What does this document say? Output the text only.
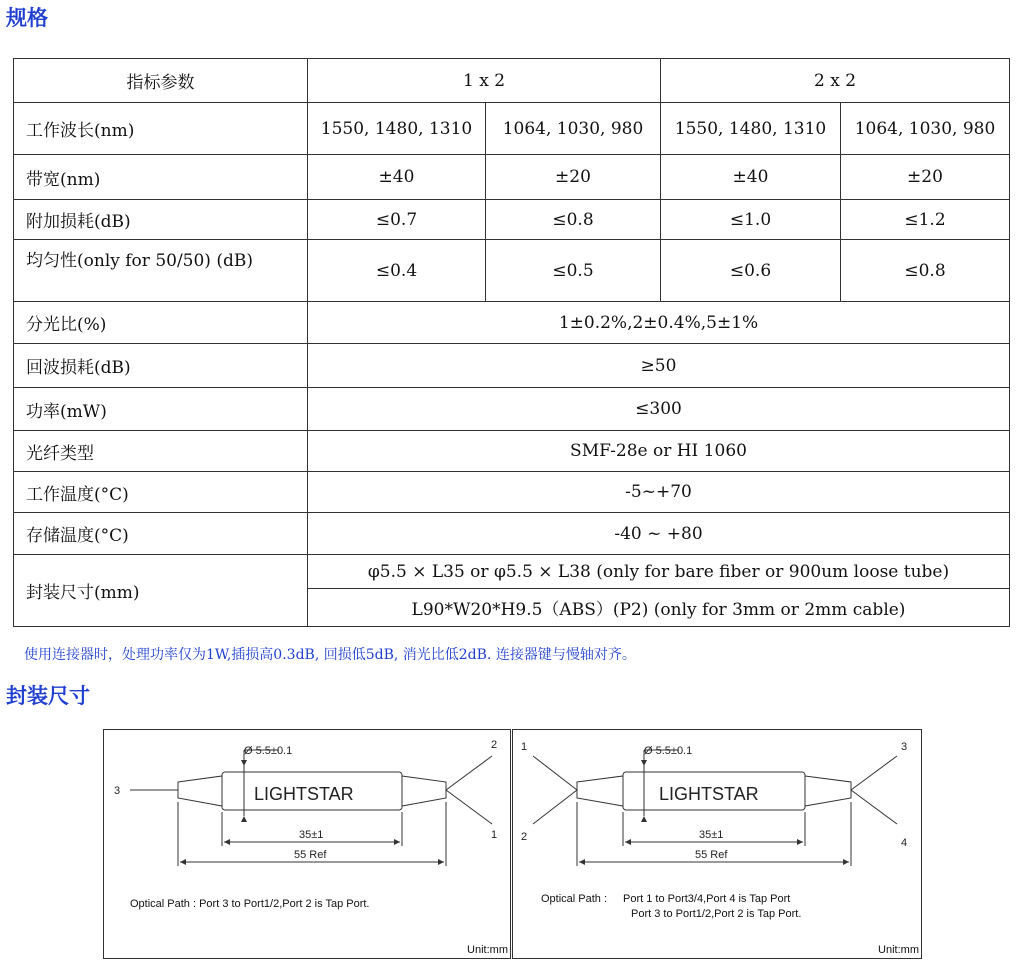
规格
指标参数	1 x 2		2 x 2	
工作波长(nm)	1550, 1480, 1310	1064, 1030, 980	1550, 1480, 1310	1064, 1030, 980
带宽(nm)	±40	±20	±40	±20
附加损耗(dB)	≤0.7	≤0.8	≤1.0	≤1.2
均匀性(only for 50/50) (dB)	≤0.4	≤0.5	≤0.6	≤0.8
分光比(%)	1±0.2%,2±0.4%,5±1%			
回波损耗(dB)	≥50			
功率(mW)	≤300			
光纤类型	SMF-28e or HI 1060			
工作温度(°C)	-5~+70			
存储温度(°C)	-40 ~ +80			
封装尺寸(mm)	φ5.5 × L35 or φ5.5 × L38 (only for bare fiber or 900um loose tube)			
	L90*W20*H9.5（ABS）(P2) (only for 3mm or 2mm cable)			
使用连接器时，处理功率仅为1W,插损高0.3dB, 回损低5dB, 消光比低2dB. 连接器键与慢轴对齐。
封装尺寸
LIGHTSTAR
Ø 5.5±0.1
35±1
55 Ref
3
2
1
Optical Path : Port 3 to Port1/2,Port 2 is Tap Port.
Unit:mm
LIGHTSTAR
Ø 5.5±0.1
35±1
55 Ref
1
2
3
4
Optical Path : Port 1 to Port3/4,Port 4 is Tap Port
Port 3 to Port1/2,Port 2 is Tap Port.
Unit:mm
